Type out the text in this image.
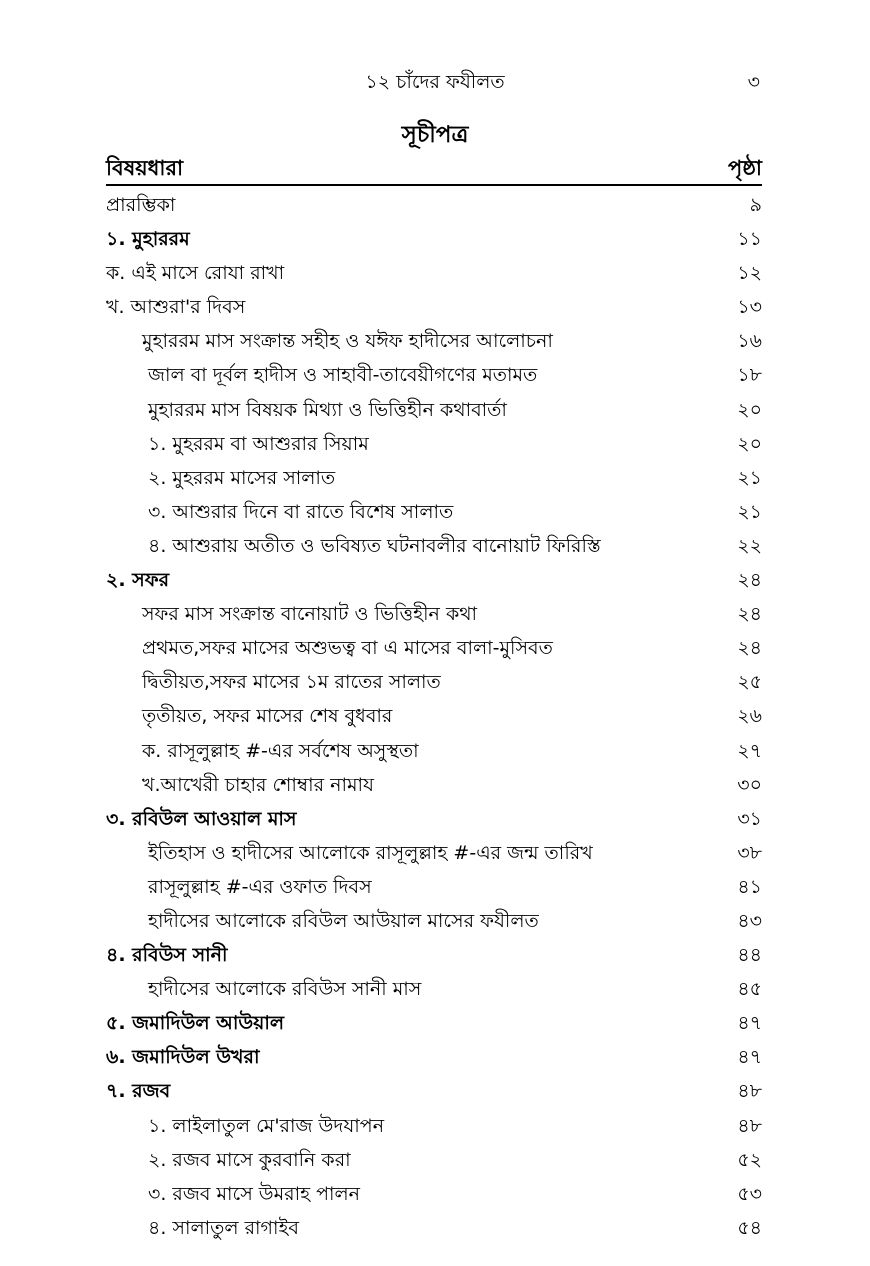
১২ চাঁদের ফযীলত	৩
সূচীপত্র
বিষয়ধারা	পৃষ্ঠা
প্রারম্ভিকা	৯
১. মুহাররম	১১
ক. এই মাসে রোযা রাখা	১২
খ. আশুরা'র দিবস	১৩
মুহাররম মাস সংক্রান্ত সহীহ ও যঈফ হাদীসের আলোচনা	১৬
জাল বা দূর্বল হাদীস ও সাহাবী-তাবেয়ীগণের মতামত	১৮
মুহাররম মাস বিষয়ক মিথ্যা ও ভিত্তিহীন কথাবার্তা	২০
১. মুহররম বা আশুরার সিয়াম	২০
২. মুহররম মাসের সালাত	২১
৩. আশুরার দিনে বা রাতে বিশেষ সালাত	২১
৪. আশুরায় অতীত ও ভবিষ্যত ঘটনাবলীর বানোয়াট ফিরিস্তি	২২
২. সফর	২৪
সফর মাস সংক্রান্ত বানোয়াট ও ভিত্তিহীন কথা	২৪
প্রথমত,সফর মাসের অশুভত্ব বা এ মাসের বালা-মুসিবত	২৪
দ্বিতীয়ত,সফর মাসের ১ম রাতের সালাত	২৫
তৃতীয়ত, সফর মাসের শেষ বুধবার	২৬
ক. রাসূলুল্লাহ #-এর সর্বশেষ অসুস্থতা	২৭
খ.আখেরী চাহার শোম্বার নামায	৩০
৩. রবিউল আওয়াল মাস	৩১
ইতিহাস ও হাদীসের আলোকে রাসূলুল্লাহ #-এর জন্ম তারিখ	৩৮
রাসূলুল্লাহ #-এর ওফাত দিবস	৪১
হাদীসের আলোকে রবিউল আউয়াল মাসের ফযীলত	৪৩
৪. রবিউস সানী	৪৪
হাদীসের আলোকে রবিউস সানী মাস	৪৫
৫. জমাদিউল আউয়াল	৪৭
৬. জমাদিউল উখরা	৪৭
৭. রজব	৪৮
১. লাইলাতুল মে'রাজ উদযাপন	৪৮
২. রজব মাসে কুরবানি করা	৫২
৩. রজব মাসে উমরাহ পালন	৫৩
৪. সালাতুল রাগাইব	৫৪
